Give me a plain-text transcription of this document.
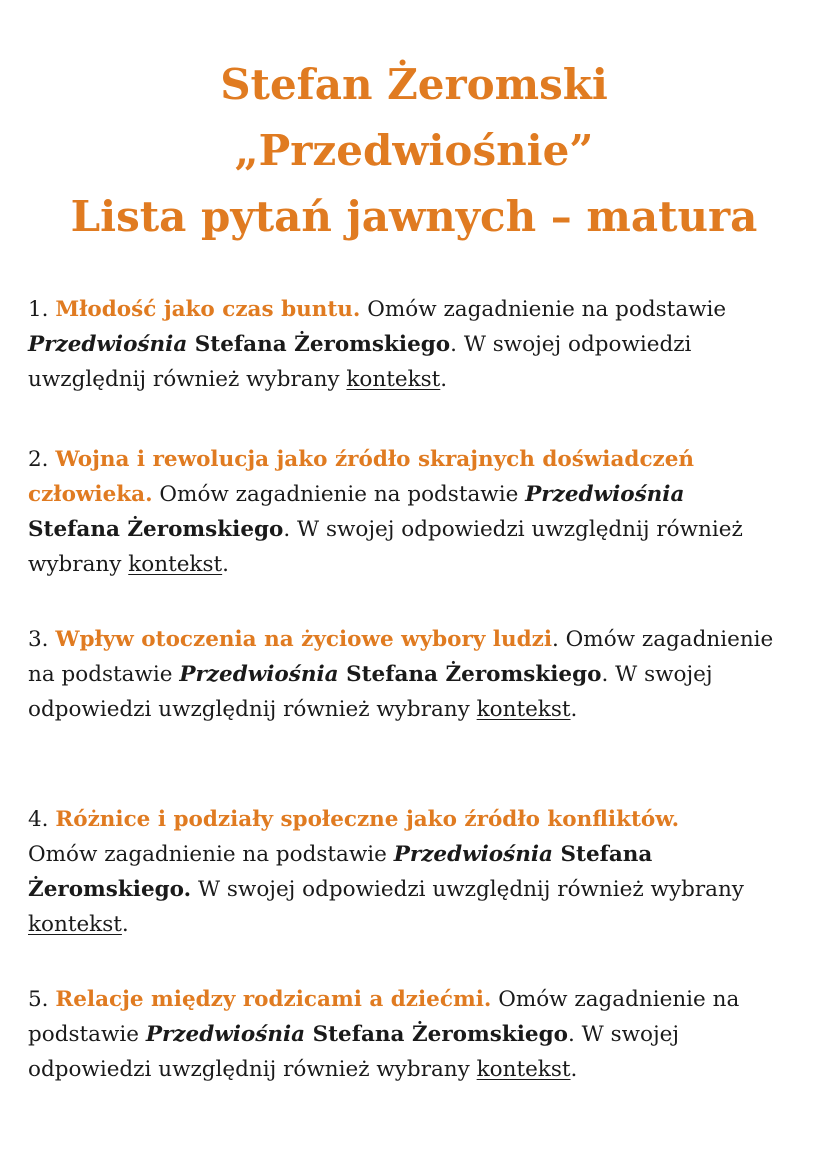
Stefan Żeromski
„Przedwiośnie”
Lista pytań jawnych – matura

1. Młodość jako czas buntu. Omów zagadnienie na podstawie
Przedwiośnia Stefana Żeromskiego. W swojej odpowiedzi uwzględnij również wybrany kontekst.

2. Wojna i rewolucja jako źródło skrajnych doświadczeń człowieka. Omów zagadnienie na podstawie Przedwiośnia
Stefana Żeromskiego. W swojej odpowiedzi uwzględnij również wybrany kontekst.

3. Wpływ otoczenia na życiowe wybory ludzi. Omów zagadnienie na podstawie Przedwiośnia Stefana Żeromskiego. W swojej odpowiedzi uwzględnij również wybrany kontekst.

4. Różnice i podziały społeczne jako źródło konfliktów.
Omów zagadnienie na podstawie Przedwiośnia Stefana Żeromskiego. W swojej odpowiedzi uwzględnij również wybrany kontekst.

5. Relacje między rodzicami a dziećmi. Omów zagadnienie na podstawie Przedwiośnia Stefana Żeromskiego. W swojej odpowiedzi uwzględnij również wybrany kontekst.
